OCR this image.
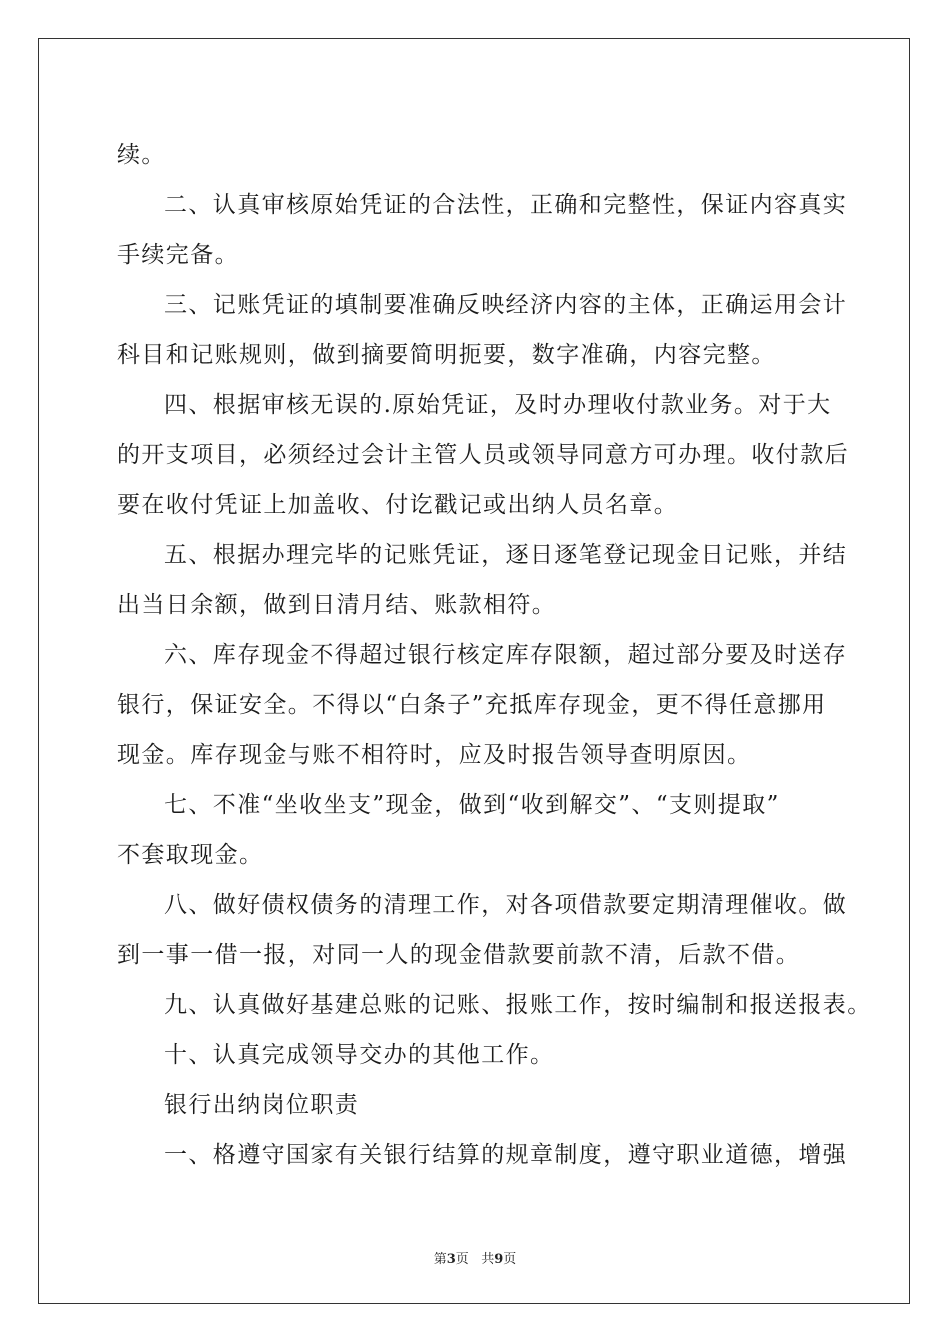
续。
二、认真审核原始凭证的合法性，正确和完整性，保证内容真实
手续完备。
三、记账凭证的填制要准确反映经济内容的主体，正确运用会计
科目和记账规则，做到摘要简明扼要，数字准确，内容完整。
四、根据审核无误的.原始凭证，及时办理收付款业务。对于大
的开支项目，必须经过会计主管人员或领导同意方可办理。收付款后
要在收付凭证上加盖收、付讫戳记或出纳人员名章。
五、根据办理完毕的记账凭证，逐日逐笔登记现金日记账，并结
出当日余额，做到日清月结、账款相符。
六、库存现金不得超过银行核定库存限额，超过部分要及时送存
银行，保证安全。不得以“白条子”充抵库存现金，更不得任意挪用
现金。库存现金与账不相符时，应及时报告领导查明原因。
七、不准“坐收坐支”现金，做到“收到解交”、“支则提取”
不套取现金。
八、做好债权债务的清理工作，对各项借款要定期清理催收。做
到一事一借一报，对同一人的现金借款要前款不清，后款不借。
九、认真做好基建总账的记账、报账工作，按时编制和报送报表。
十、认真完成领导交办的其他工作。
银行出纳岗位职责
一、格遵守国家有关银行结算的规章制度，遵守职业道德，增强
第3页 共9页
